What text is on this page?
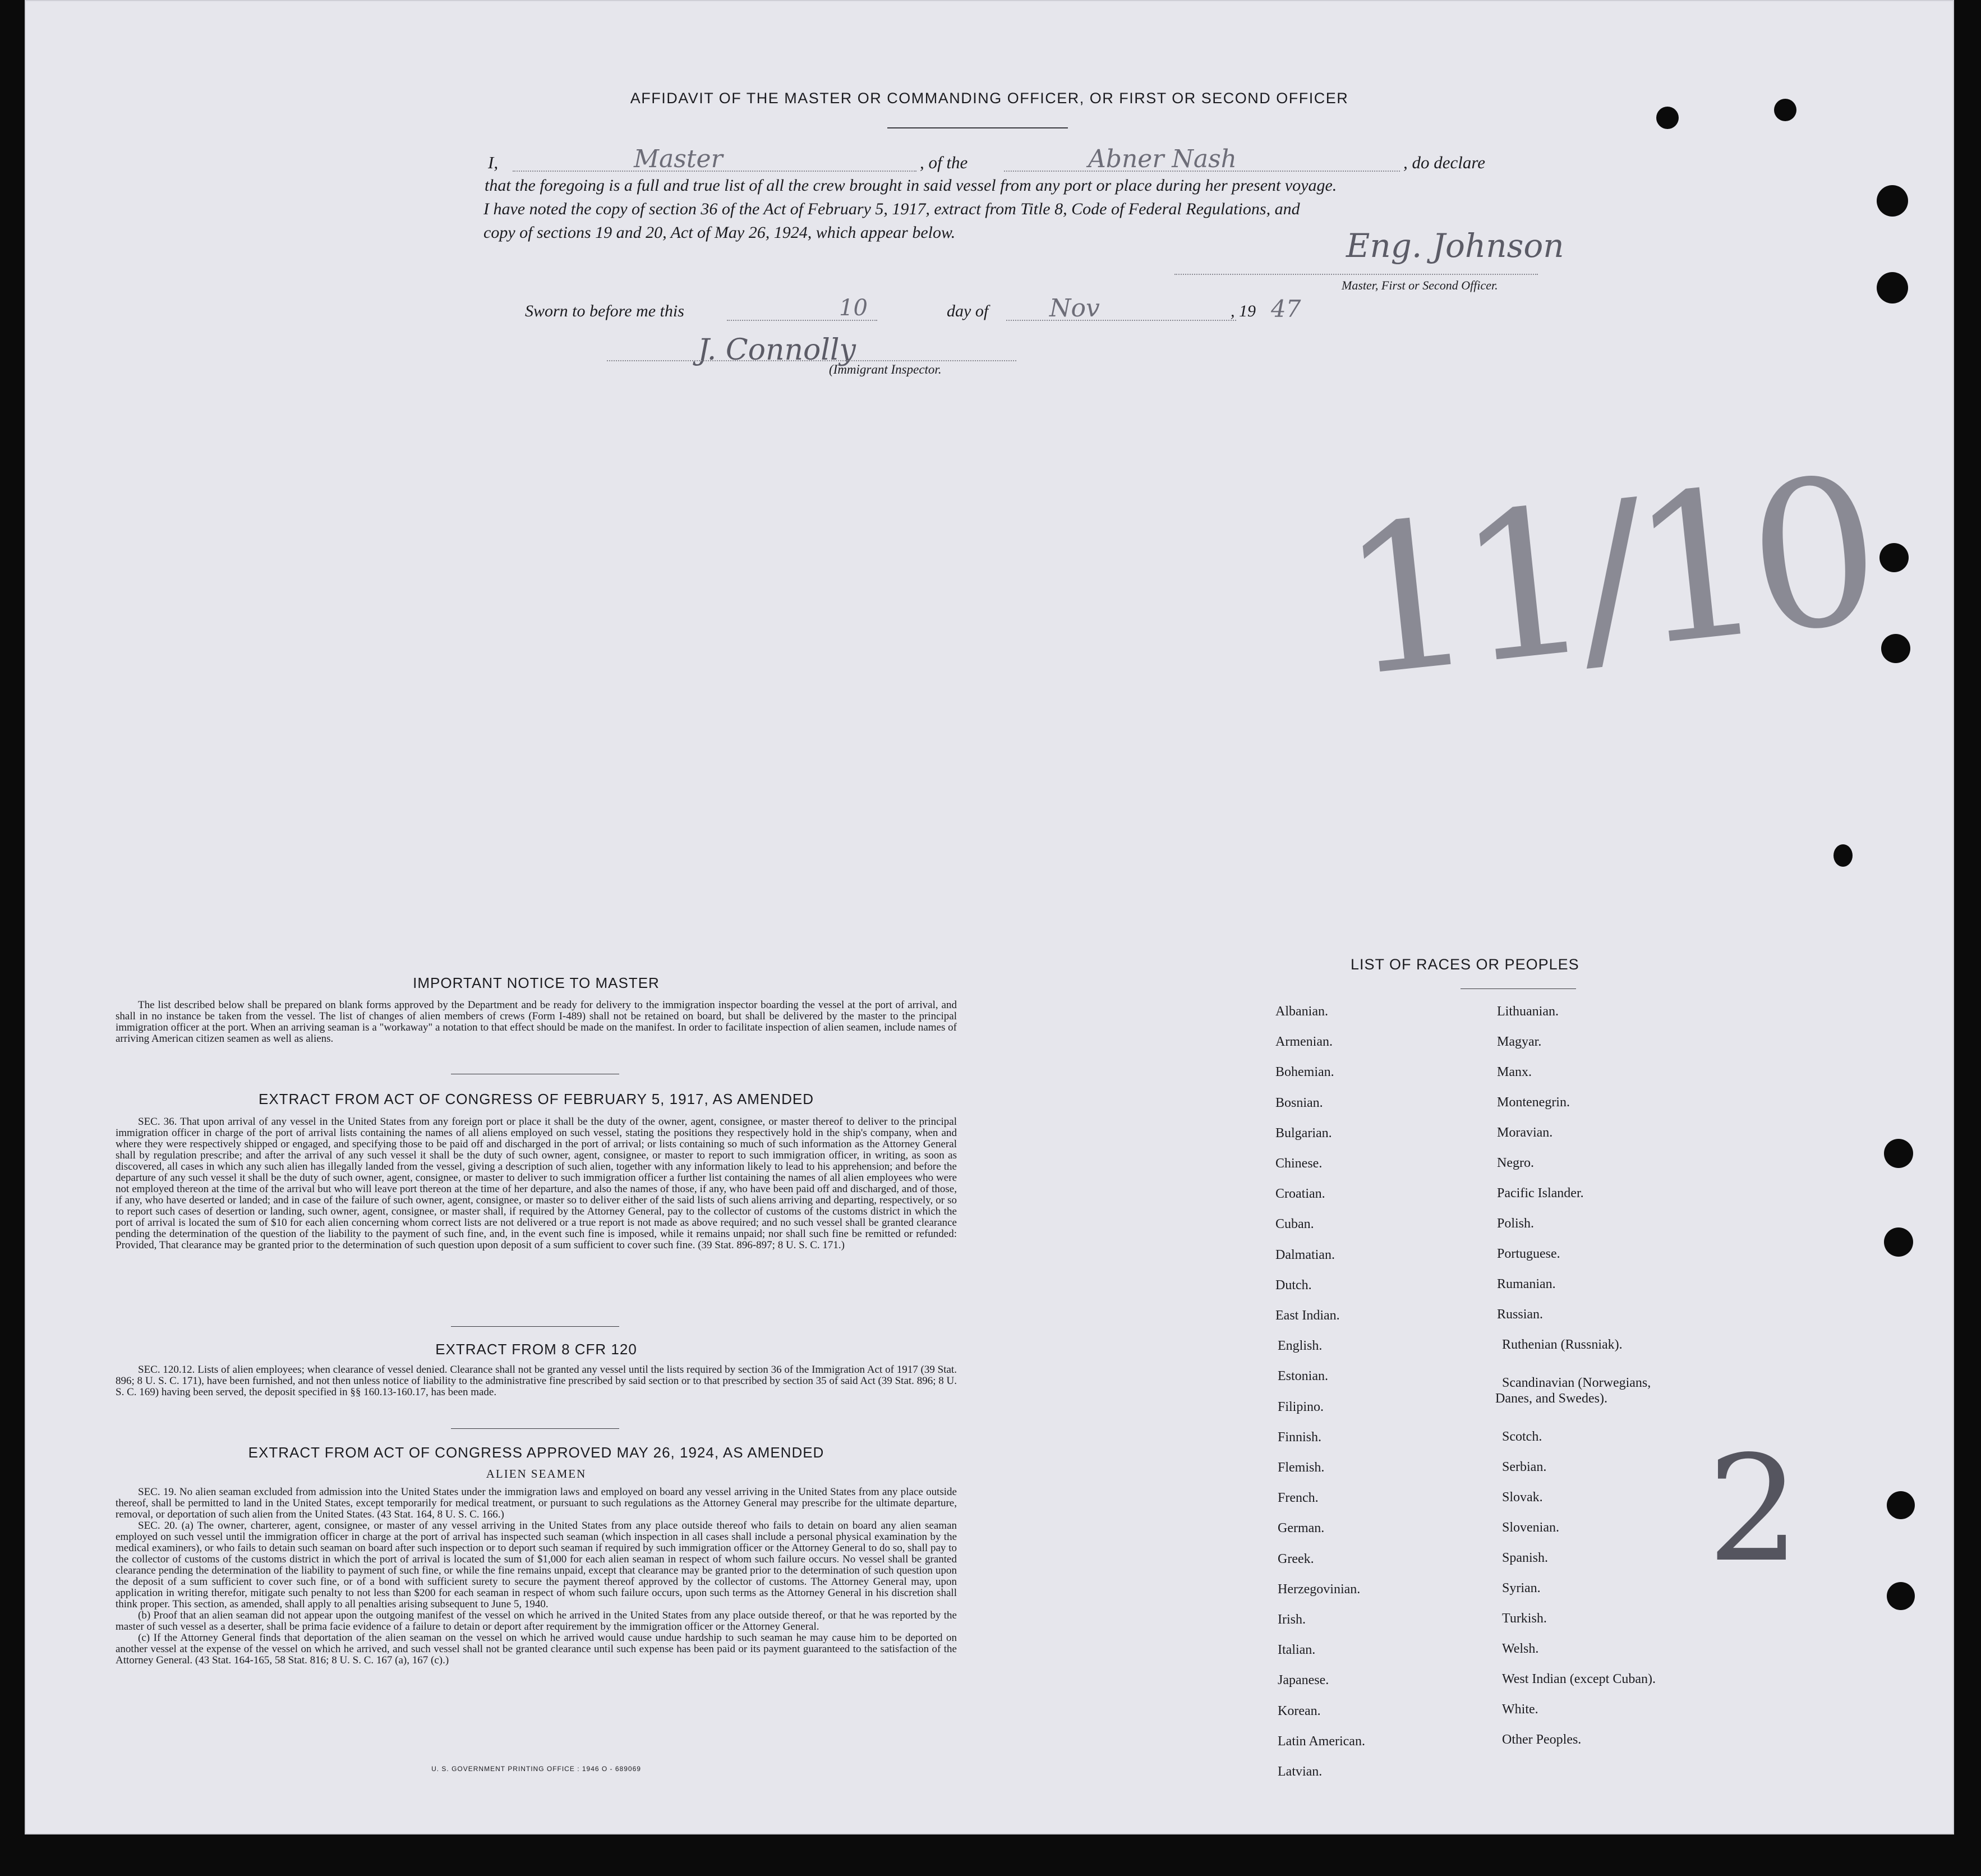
AFFIDAVIT OF THE MASTER OR COMMANDING OFFICER, OR FIRST OR SECOND OFFICER
I,	Master	, of the	Abner Nash	, do declare
that the foregoing is a full and true list of all the crew brought in said vessel from any port or place during her present voyage.
I have noted the copy of section 36 of the Act of February 5, 1917, extract from Title 8, Code of Federal Regulations, and
copy of sections 19 and 20, Act of May 26, 1924, which appear below.	Eng. Johnson
Master, First or Second Officer.
Sworn to before me this	10	day of Nov	, 19 47
J. Connolly
(Immigrant Inspector.
11/10
2
IMPORTANT NOTICE TO MASTER

The list described below shall be prepared on blank forms approved by the Department and be ready for delivery to the immigration inspector boarding the vessel at the port of arrival, and shall in no instance be taken from the vessel. The list of changes of alien members of crews (Form I-489) shall not be retained on board, but shall be delivered by the master to the principal immigration officer at the port. When an arriving seaman is a "workaway" a notation to that effect should be made on the manifest. In order to facilitate inspection of alien seamen, include names of arriving American citizen seamen as well as aliens.

EXTRACT FROM ACT OF CONGRESS OF FEBRUARY 5, 1917, AS AMENDED

SEC. 36. That upon arrival of any vessel in the United States from any foreign port or place it shall be the duty of the owner, agent, consignee, or master thereof to deliver to the principal immigration officer in charge of the port of arrival lists containing the names of all aliens employed on such vessel, stating the positions they respectively hold in the ship's company, when and where they were respectively shipped or engaged, and specifying those to be paid off and discharged in the port of arrival; or lists containing so much of such information as the Attorney General shall by regulation prescribe; and after the arrival of any such vessel it shall be the duty of such owner, agent, consignee, or master to report to such immigration officer, in writing, as soon as discovered, all cases in which any such alien has illegally landed from the vessel, giving a description of such alien, together with any information likely to lead to his apprehension; and before the departure of any such vessel it shall be the duty of such owner, agent, consignee, or master to deliver to such immigration officer a further list containing the names of all alien employees who were not employed thereon at the time of the arrival but who will leave port thereon at the time of her departure, and also the names of those, if any, who have been paid off and discharged, and of those, if any, who have deserted or landed; and in case of the failure of such owner, agent, consignee, or master so to deliver either of the said lists of such aliens arriving and departing, respectively, or so to report such cases of desertion or landing, such owner, agent, consignee, or master shall, if required by the Attorney General, pay to the collector of customs of the customs district in which the port of arrival is located the sum of $10 for each alien concerning whom correct lists are not delivered or a true report is not made as above required; and no such vessel shall be granted clearance pending the determination of the question of the liability to the payment of such fine, and, in the event such fine is imposed, while it remains unpaid; nor shall such fine be remitted or refunded: Provided, That clearance may be granted prior to the determination of such question upon deposit of a sum sufficient to cover such fine. (39 Stat. 896-897; 8 U. S. C. 171.)

EXTRACT FROM 8 CFR 120

SEC. 120.12. Lists of alien employees; when clearance of vessel denied. Clearance shall not be granted any vessel until the lists required by section 36 of the Immigration Act of 1917 (39 Stat. 896; 8 U. S. C. 171), have been furnished, and not then unless notice of liability to the administrative fine prescribed by said section or to that prescribed by section 35 of said Act (39 Stat. 896; 8 U. S. C. 169) having been served, the deposit specified in §§ 160.13-160.17, has been made.

EXTRACT FROM ACT OF CONGRESS APPROVED MAY 26, 1924, AS AMENDED
ALIEN SEAMEN

SEC. 19. No alien seaman excluded from admission into the United States under the immigration laws and employed on board any vessel arriving in the United States from any place outside thereof, shall be permitted to land in the United States, except temporarily for medical treatment, or pursuant to such regulations as the Attorney General may prescribe for the ultimate departure, removal, or deportation of such alien from the United States. (43 Stat. 164, 8 U. S. C. 166.)

SEC. 20. (a) The owner, charterer, agent, consignee, or master of any vessel arriving in the United States from any place outside thereof who fails to detain on board any alien seaman employed on such vessel until the immigration officer in charge at the port of arrival has inspected such seaman (which inspection in all cases shall include a personal physical examination by the medical examiners), or who fails to detain such seaman on board after such inspection or to deport such seaman if required by such immigration officer or the Attorney General to do so, shall pay to the collector of customs of the customs district in which the port of arrival is located the sum of $1,000 for each alien seaman in respect of whom such failure occurs. No vessel shall be granted clearance pending the determination of the liability to payment of such fine, or while the fine remains unpaid, except that clearance may be granted prior to the determination of such question upon the deposit of a sum sufficient to cover such fine, or of a bond with sufficient surety to secure the payment thereof approved by the collector of customs. The Attorney General may, upon application in writing therefor, mitigate such penalty to not less than $200 for each seaman in respect of whom such failure occurs, upon such terms as the Attorney General in his discretion shall think proper. This section, as amended, shall apply to all penalties arising subsequent to June 5, 1940.

(b) Proof that an alien seaman did not appear upon the outgoing manifest of the vessel on which he arrived in the United States from any place outside thereof, or that he was reported by the master of such vessel as a deserter, shall be prima facie evidence of a failure to detain or deport after requirement by the immigration officer or the Attorney General.

(c) If the Attorney General finds that deportation of the alien seaman on the vessel on which he arrived would cause undue hardship to such seaman he may cause him to be deported on another vessel at the expense of the vessel on which he arrived, and such vessel shall not be granted clearance until such expense has been paid or its payment guaranteed to the satisfaction of the Attorney General. (43 Stat. 164-165, 58 Stat. 816; 8 U. S. C. 167 (a), 167 (c).)

U. S. GOVERNMENT PRINTING OFFICE : 1946 O - 689069
LIST OF RACES OR PEOPLES
Albanian.
Armenian.
Bohemian.
Bosnian.
Bulgarian.
Chinese.
Croatian.
Cuban.
Dalmatian.
Dutch.
East Indian.
English.
Estonian.
Filipino.
Finnish.
Flemish.
French.
German.
Greek.
Herzegovinian.
Irish.
Italian.
Japanese.
Korean.
Latin American.
Latvian.
Lithuanian.
Magyar.
Manx.
Montenegrin.
Moravian.
Negro.
Pacific Islander.
Polish.
Portuguese.
Rumanian.
Russian.
Ruthenian (Russniak).
Scandinavian (Norwegians,
Danes, and Swedes).
Scotch.
Serbian.
Slovak.
Slovenian.
Spanish.
Syrian.
Turkish.
Welsh.
West Indian (except Cuban).
White.
Other Peoples.
